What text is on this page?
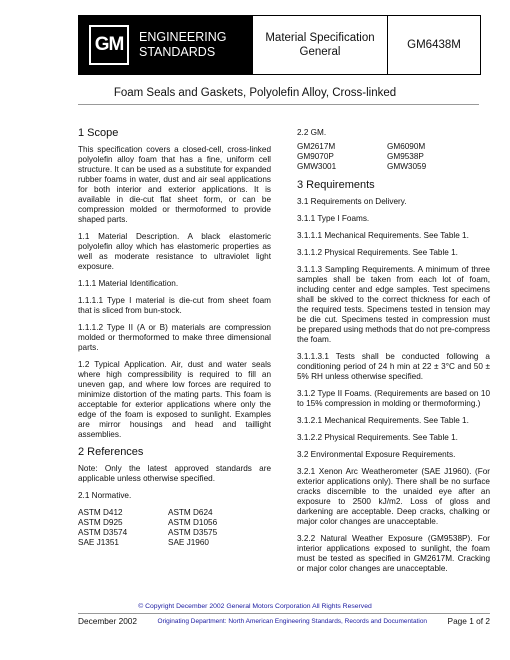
GM	ENGINEERING
STANDARDS
Material Specification
General
GM6438M
Foam Seals and Gaskets, Polyolefin Alloy, Cross-linked
1 Scope

This specification covers a closed-cell, cross-linked polyolefin alloy foam that has a fine, uniform cell structure. It can be used as a substitute for expanded rubber foams in water, dust and air seal applications for both interior and exterior applications. It is available in die-cut flat sheet form, or can be compression molded or thermoformed to provide shaped parts.

1.1 Material Description. A black elastomeric polyolefin alloy which has elastomeric properties as well as moderate resistance to ultraviolet light exposure.

1.1.1 Material Identification.

1.1.1.1 Type I material is die-cut from sheet foam that is sliced from bun-stock.

1.1.1.2 Type II (A or B) materials are compression molded or thermoformed to make three dimensional parts.

1.2 Typical Application. Air, dust and water seals where high compressibility is required to fill an uneven gap, and where low forces are required to minimize distortion of the mating parts. This foam is acceptable for exterior applications where only the edge of the foam is exposed to sunlight. Examples are mirror housings and head and taillight assemblies.

2 References

Note: Only the latest approved standards are applicable unless otherwise specified.

2.1 Normative.

ASTM D412	ASTM D624
ASTM D925	ASTM D1056
ASTM D3574	ASTM D3575
SAE J1351	SAE J1960

2.2 GM.

GM2617M	GM6090M
GM9070P	GM9538P
GMW3001	GMW3059
3 Requirements

3.1 Requirements on Delivery.

3.1.1 Type I Foams.

3.1.1.1 Mechanical Requirements. See Table 1.

3.1.1.2 Physical Requirements. See Table 1.

3.1.1.3 Sampling Requirements. A minimum of three samples shall be taken from each lot of foam, including center and edge samples. Test specimens shall be skived to the correct thickness for each of the required tests. Specimens tested in tension may be die cut. Specimens tested in compression must be prepared using methods that do not pre-compress the foam.

3.1.1.3.1 Tests shall be conducted following a conditioning period of 24 h min at 22 ± 3°C and 50 ± 5% RH unless otherwise specified.

3.1.2 Type II Foams. (Requirements are based on 10 to 15% compression in molding or thermoforming.)

3.1.2.1 Mechanical Requirements. See Table 1.

3.1.2.2 Physical Requirements. See Table 1.

3.2 Environmental Exposure Requirements.

3.2.1 Xenon Arc Weatherometer (SAE J1960). (For exterior applications only). There shall be no surface cracks discernible to the unaided eye after an exposure to 2500 kJ/m2. Loss of gloss and darkening are acceptable. Deep cracks, chalking or major color changes are unacceptable.

3.2.2 Natural Weather Exposure (GM9538P). For interior applications exposed to sunlight, the foam must be tested as specified in GM2617M. Cracking or major color changes are unacceptable.

© Copyright December 2002 General Motors Corporation All Rights Reserved
December 2002	Originating Department: North American Engineering Standards, Records and Documentation Page 1 of 2
